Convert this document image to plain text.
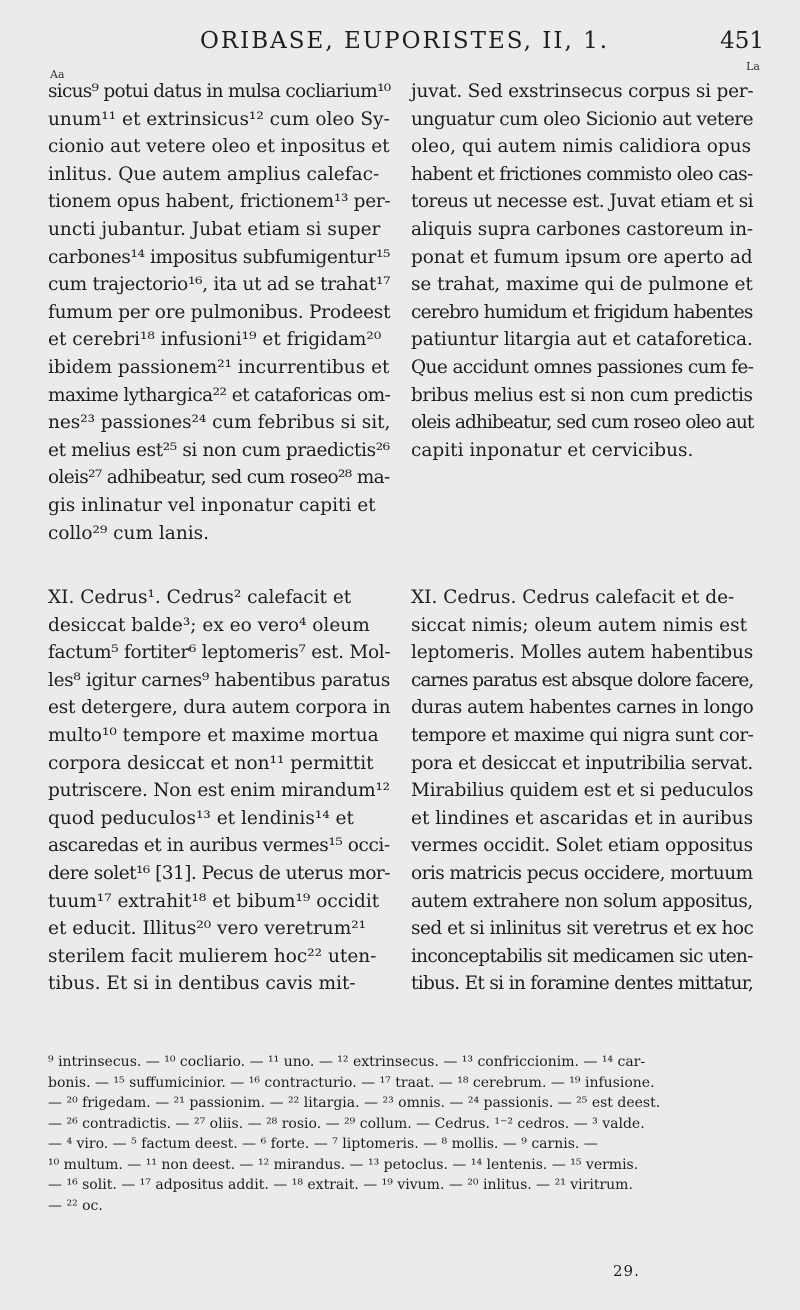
ORIBASE, EUPORISTES, II, 1.	451
Aa
La
sicus⁹ potui datus in mulsa cocliarium¹⁰
unum¹¹ et extrinsicus¹² cum oleo Sy-
cionio aut vetere oleo et inpositus et
inlitus. Que autem amplius calefac-
tionem opus habent, frictionem¹³ per-
uncti jubantur. Jubat etiam si super
carbones¹⁴ impositus subfumigentur¹⁵
cum trajectorio¹⁶, ita ut ad se trahat¹⁷
fumum per ore pulmonibus. Prodeest
et cerebri¹⁸ infusioni¹⁹ et frigidam²⁰
ibidem passionem²¹ incurrentibus et
maxime lythargica²² et cataforicas om-
nes²³ passiones²⁴ cum febribus si sit,
et melius est²⁵ si non cum praedictis²⁶
oleis²⁷ adhibeatur, sed cum roseo²⁸ ma-
gis inlinatur vel inponatur capiti et
collo²⁹ cum lanis.
juvat. Sed exstrinsecus corpus si per-
unguatur cum oleo Sicionio aut vetere
oleo, qui autem nimis calidiora opus
habent et frictiones commisto oleo cas-
toreus ut necesse est. Juvat etiam et si
aliquis supra carbones castoreum in-
ponat et fumum ipsum ore aperto ad
se trahat, maxime qui de pulmone et
cerebro humidum et frigidum habentes
patiuntur litargia aut et cataforetica.
Que accidunt omnes passiones cum fe-
bribus melius est si non cum predictis
oleis adhibeatur, sed cum roseo oleo aut
capiti inponatur et cervicibus.
XI. Cedrus¹. Cedrus² calefacit et
desiccat balde³; ex eo vero⁴ oleum
factum⁵ fortiter⁶ leptomeris⁷ est. Mol-
les⁸ igitur carnes⁹ habentibus paratus
est detergere, dura autem corpora in
multo¹⁰ tempore et maxime mortua
corpora desiccat et non¹¹ permittit
putriscere. Non est enim mirandum¹²
quod peduculos¹³ et lendinis¹⁴ et
ascaredas et in auribus vermes¹⁵ occi-
dere solet¹⁶ [31]. Pecus de uterus mor-
tuum¹⁷ extrahit¹⁸ et bibum¹⁹ occidit
et educit. Illitus²⁰ vero veretrum²¹
sterilem facit mulierem hoc²² uten-
tibus. Et si in dentibus cavis mit-
XI. Cedrus. Cedrus calefacit et de-
siccat nimis; oleum autem nimis est
leptomeris. Molles autem habentibus
carnes paratus est absque dolore facere,
duras autem habentes carnes in longo
tempore et maxime qui nigra sunt cor-
pora et desiccat et inputribilia servat.
Mirabilius quidem est et si peduculos
et lindines et ascaridas et in auribus
vermes occidit. Solet etiam oppositus
oris matricis pecus occidere, mortuum
autem extrahere non solum appositus,
sed et si inlinitus sit veretrus et ex hoc
inconceptabilis sit medicamen sic uten-
tibus. Et si in foramine dentes mittatur,
⁹ intrinsecus. — ¹⁰ cocliario. — ¹¹ uno. — ¹² extrinsecus. — ¹³ confriccionim. — ¹⁴ car-
bonis. — ¹⁵ suffumicinior. — ¹⁶ contracturio. — ¹⁷ traat. — ¹⁸ cerebrum. — ¹⁹ infusione.
— ²⁰ frigedam. — ²¹ passionim. — ²² litargia. — ²³ omnis. — ²⁴ passionis. — ²⁵ est deest.
— ²⁶ contradictis. — ²⁷ oliis. — ²⁸ rosio. — ²⁹ collum. — Cedrus. ¹⁻² cedros. — ³ valde.
— ⁴ viro. — ⁵ factum deest. — ⁶ forte. — ⁷ liptomeris. — ⁸ mollis. — ⁹ carnis. —
¹⁰ multum. — ¹¹ non deest. — ¹² mirandus. — ¹³ petoclus. — ¹⁴ lentenis. — ¹⁵ vermis.
— ¹⁶ solit. — ¹⁷ adpositus addit. — ¹⁸ extrait. — ¹⁹ vivum. — ²⁰ inlitus. — ²¹ viritrum.
— ²² oc.
29.
